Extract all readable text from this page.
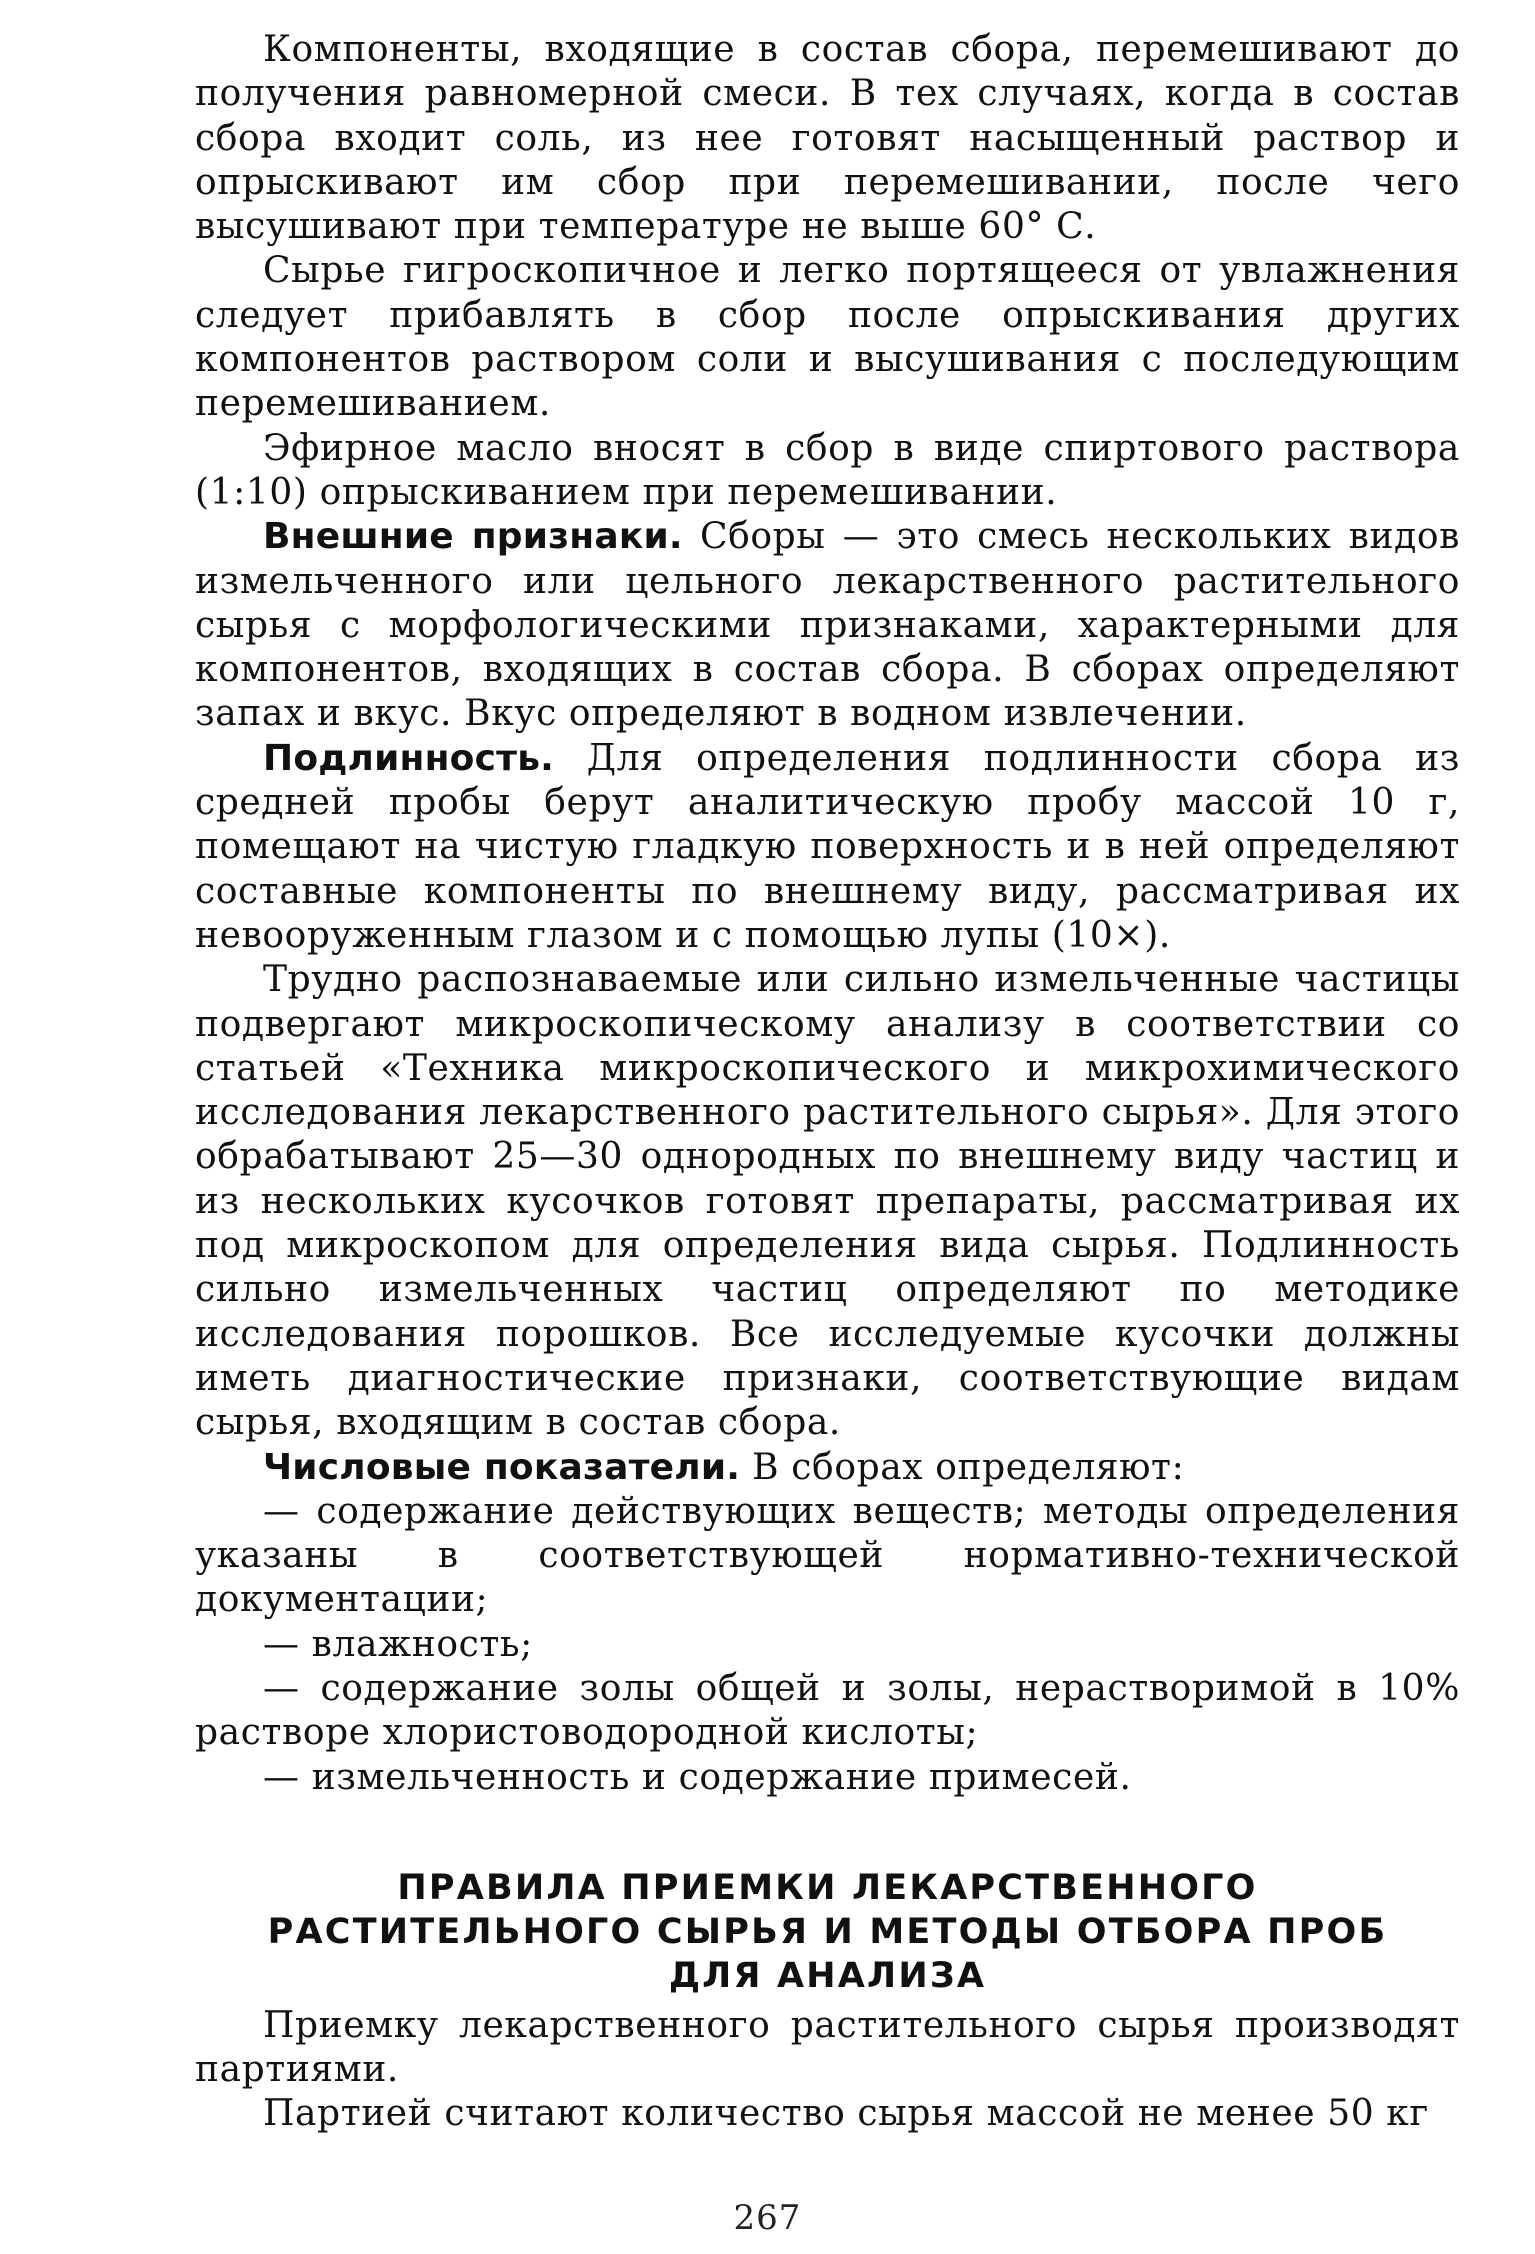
Компоненты, входящие в состав сбора, перемешивают до получения равномерной смеси. В тех случаях, когда в состав сбора входит соль, из нее готовят насыщенный раствор и опрыскивают им сбор при перемешивании, после чего высушивают при температуре не выше 60° С.

Сырье гигроскопичное и легко портящееся от увлажнения следует прибавлять в сбор после опрыскивания других компонентов раствором соли и высушивания с последующим перемешиванием.

Эфирное масло вносят в сбор в виде спиртового раствора (1:10) опрыскиванием при перемешивании.

Внешние признаки. Сборы — это смесь нескольких видов измельченного или цельного лекарственного растительного сырья с морфологическими признаками, характерными для компонентов, входящих в состав сбора. В сборах определяют запах и вкус. Вкус определяют в водном извлечении.

Подлинность. Для определения подлинности сбора из средней пробы берут аналитическую пробу массой 10 г, помещают на чистую гладкую поверхность и в ней определяют составные компоненты по внешнему виду, рассматривая их невооруженным глазом и с помощью лупы (10×).

Трудно распознаваемые или сильно измельченные частицы подвергают микроскопическому анализу в соответствии со статьей «Техника микроскопического и микрохимического исследования лекарственного растительного сырья». Для этого обрабатывают 25—30 однородных по внешнему виду частиц и из нескольких кусочков готовят препараты, рассматривая их под микроскопом для определения вида сырья. Подлинность сильно измельченных частиц определяют по методике исследования порошков. Все исследуемые кусочки должны иметь диагностические признаки, соответствующие видам сырья, входящим в состав сбора.

Числовые показатели. В сборах определяют:

— содержание действующих веществ; методы определения указаны в соответствующей нормативно-технической документации;

— влажность;

— содержание золы общей и золы, нерастворимой в 10% растворе хлористоводородной кислоты;

— измельченность и содержание примесей.

ПРАВИЛА ПРИЕМКИ ЛЕКАРСТВЕННОГО
РАСТИТЕЛЬНОГО СЫРЬЯ И МЕТОДЫ ОТБОРА ПРОБ
ДЛЯ АНАЛИЗА

Приемку лекарственного растительного сырья производят партиями.

Партией считают количество сырья массой не менее 50 кг

267
